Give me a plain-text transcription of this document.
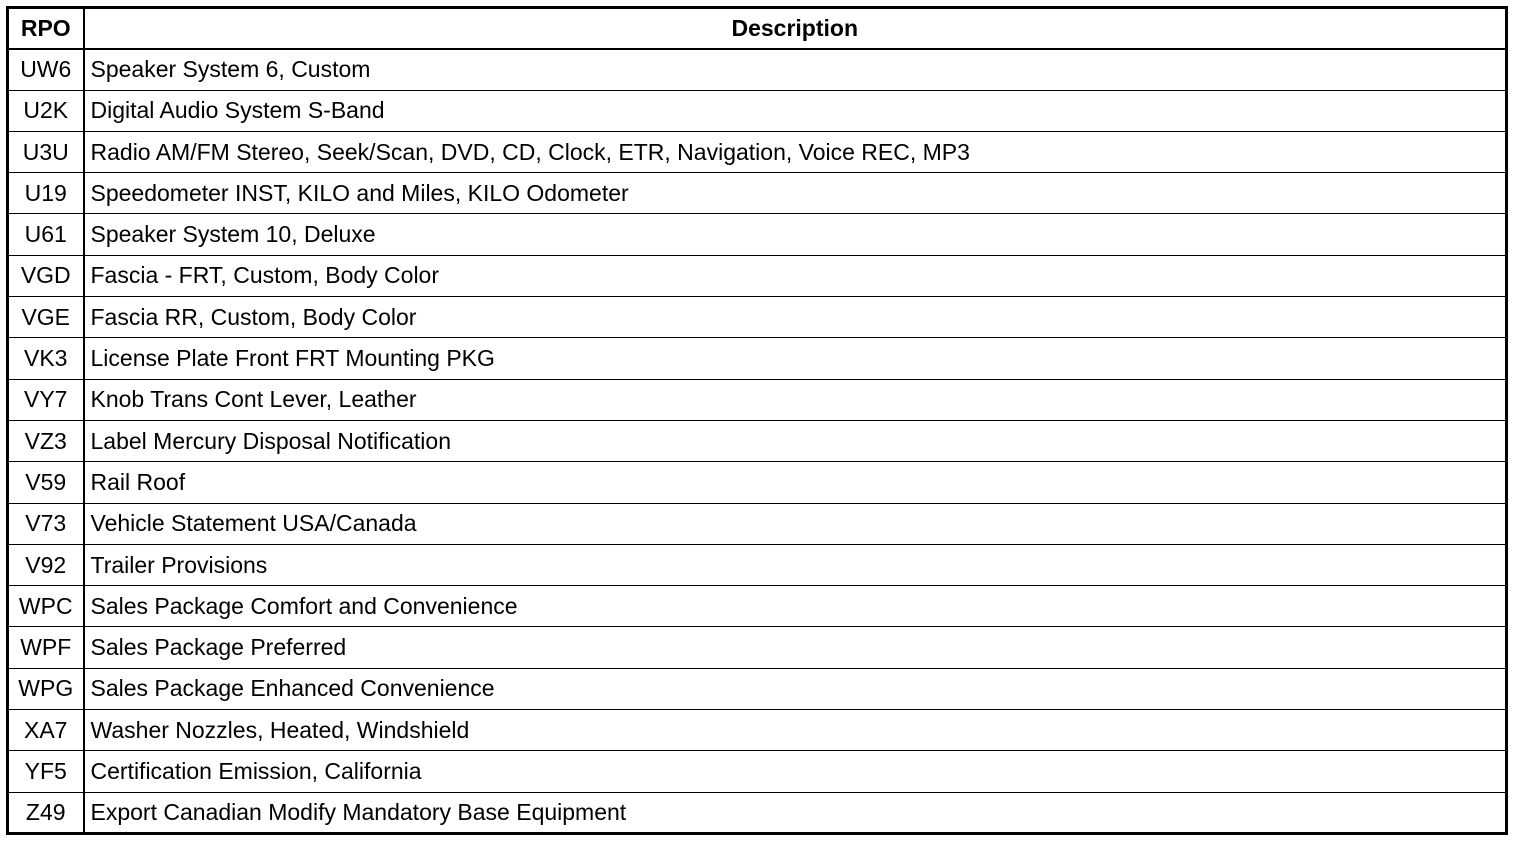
RPO	Description
UW6	Speaker System 6, Custom
U2K	Digital Audio System S-Band
U3U	Radio AM/FM Stereo, Seek/Scan, DVD, CD, Clock, ETR, Navigation, Voice REC, MP3
U19	Speedometer INST, KILO and Miles, KILO Odometer
U61	Speaker System 10, Deluxe
VGD	Fascia - FRT, Custom, Body Color
VGE	Fascia RR, Custom, Body Color
VK3	License Plate Front FRT Mounting PKG
VY7	Knob Trans Cont Lever, Leather
VZ3	Label Mercury Disposal Notification
V59	Rail Roof
V73	Vehicle Statement USA/Canada
V92	Trailer Provisions
WPC	Sales Package Comfort and Convenience
WPF	Sales Package Preferred
WPG	Sales Package Enhanced Convenience
XA7	Washer Nozzles, Heated, Windshield
YF5	Certification Emission, California
Z49	Export Canadian Modify Mandatory Base Equipment
